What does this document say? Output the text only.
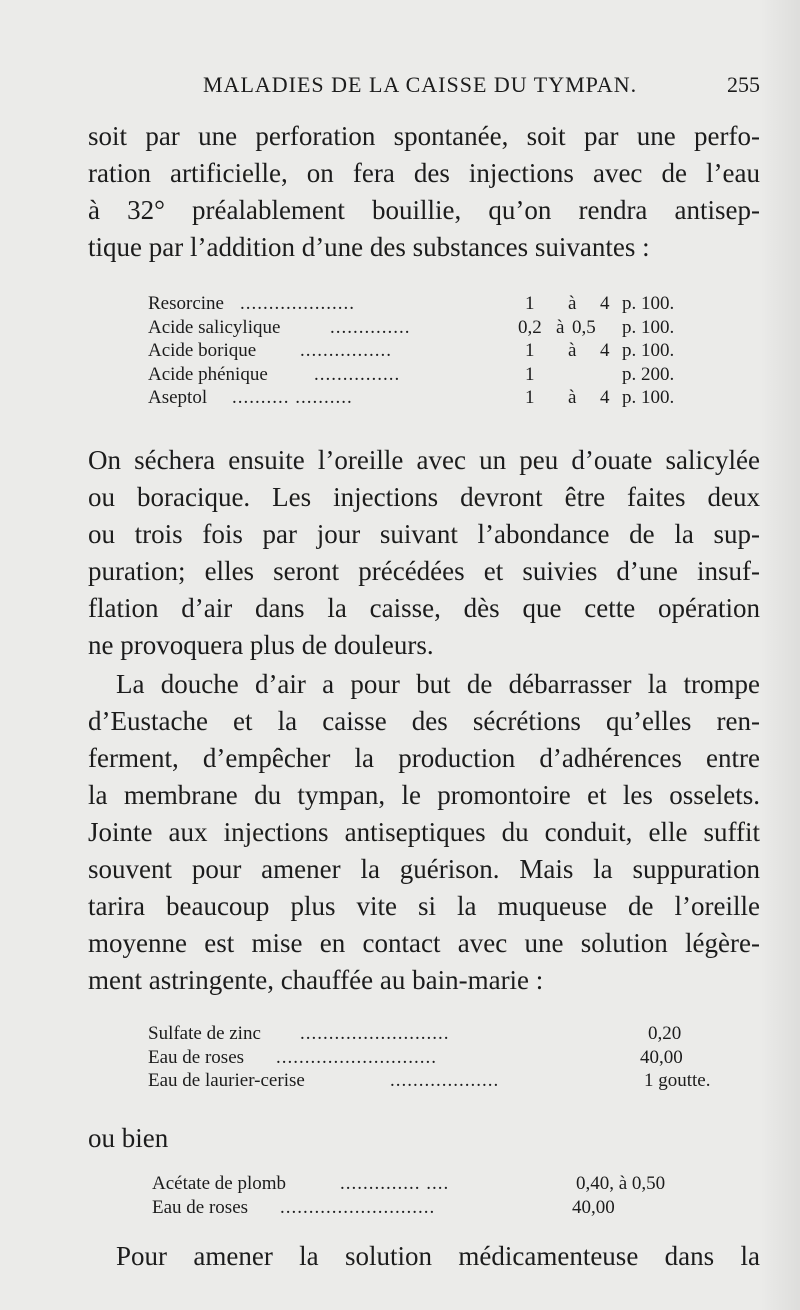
MALADIES DE LA CAISSE DU TYMPAN.	255
soit par une perforation spontanée, soit par une perfo-
ration artificielle, on fera des injections avec de l’eau
à 32° préalablement bouillie, qu’on rendra antisep-
tique par l’addition d’une des substances suivantes :
Resorcine ....................	1 à 4 p. 100.
Acide salicylique	..............	0,2 à 0,5 p. 100.
Acide borique ................	1 à 4 p. 100.
Acide phénique ...............	1	p. 200.
Aseptol .......... ..........	1 à 4 p. 100.
On séchera ensuite l’oreille avec un peu d’ouate salicylée
ou boracique. Les injections devront être faites deux
ou trois fois par jour suivant l’abondance de la sup-
puration; elles seront précédées et suivies d’une insuf-
flation d’air dans la caisse, dès que cette opération
ne provoquera plus de douleurs.
La douche d’air a pour but de débarrasser la trompe
d’Eustache et la caisse des sécrétions qu’elles ren-
ferment, d’empêcher la production d’adhérences entre
la membrane du tympan, le promontoire et les osselets.
Jointe aux injections antiseptiques du conduit, elle suffit
souvent pour amener la guérison. Mais la suppuration
tarira beaucoup plus vite si la muqueuse de l’oreille
moyenne est mise en contact avec une solution légère-
ment astringente, chauffée au bain-marie :
Sulfate de zinc ..........................	0,20
Eau de roses ............................	40,00
Eau de laurier-cerise	...................	1 goutte.
ou bien
Acétate de plomb	.............. ....	0,40, à 0,50
Eau de roses ...........................	40,00
Pour amener la solution médicamenteuse dans la
